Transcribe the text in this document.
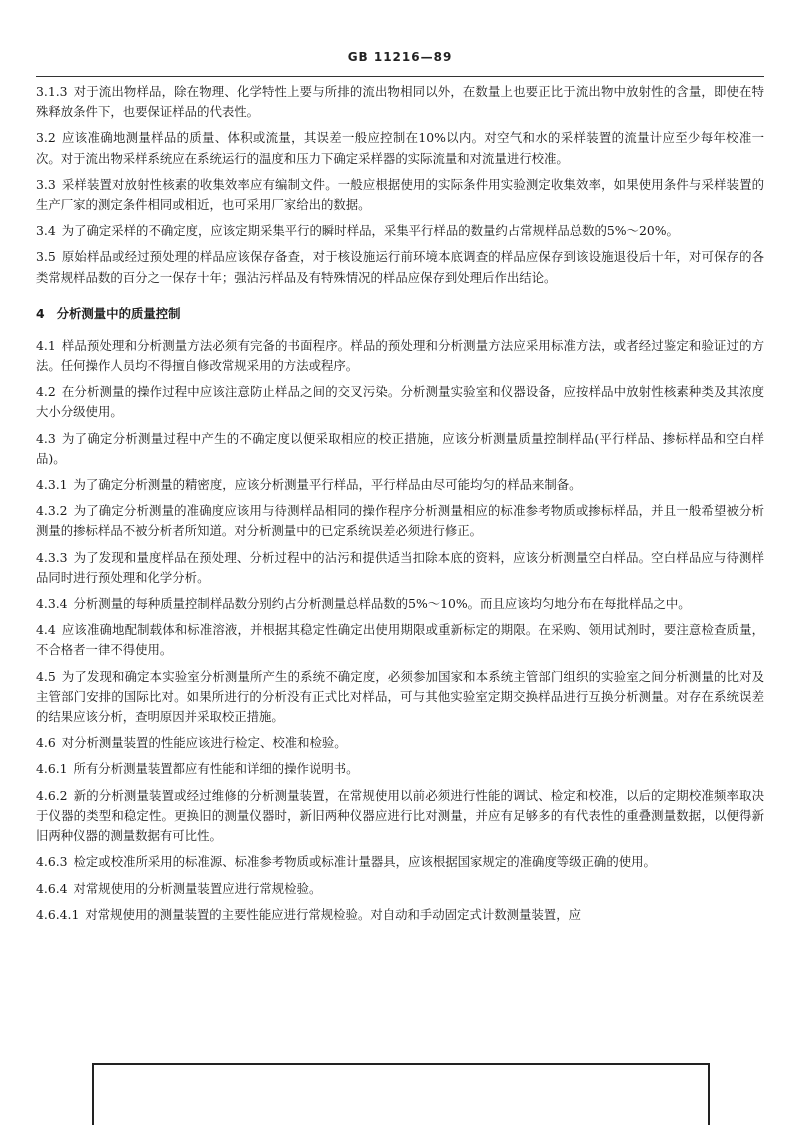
GB 11216—89

3.1.3 对于流出物样品，除在物理、化学特性上要与所排的流出物相同以外，在数量上也要正比于流出物中放射性的含量，即使在特殊释放条件下，也要保证样品的代表性。

3.2 应该准确地测量样品的质量、体积或流量，其误差一般应控制在10%以内。对空气和水的采样装置的流量计应至少每年校准一次。对于流出物采样系统应在系统运行的温度和压力下确定采样器的实际流量和对流量进行校准。

3.3 采样装置对放射性核素的收集效率应有编制文件。一般应根据使用的实际条件用实验测定收集效率，如果使用条件与采样装置的生产厂家的测定条件相同或相近，也可采用厂家给出的数据。

3.4 为了确定采样的不确定度，应该定期采集平行的瞬时样品，采集平行样品的数量约占常规样品总数的5%～20%。

3.5 原始样品或经过预处理的样品应该保存备查，对于核设施运行前环境本底调查的样品应保存到该设施退役后十年，对可保存的各类常规样品数的百分之一保存十年；强沾污样品及有特殊情况的样品应保存到处理后作出结论。

4 分析测量中的质量控制

4.1 样品预处理和分析测量方法必须有完备的书面程序。样品的预处理和分析测量方法应采用标准方法，或者经过鉴定和验证过的方法。任何操作人员均不得擅自修改常规采用的方法或程序。

4.2 在分析测量的操作过程中应该注意防止样品之间的交叉污染。分析测量实验室和仪器设备，应按样品中放射性核素种类及其浓度大小分级使用。

4.3 为了确定分析测量过程中产生的不确定度以便采取相应的校正措施，应该分析测量质量控制样品(平行样品、掺标样品和空白样品)。

4.3.1 为了确定分析测量的精密度，应该分析测量平行样品，平行样品由尽可能均匀的样品来制备。

4.3.2 为了确定分析测量的准确度应该用与待测样品相同的操作程序分析测量相应的标准参考物质或掺标样品，并且一般希望被分析测量的掺标样品不被分析者所知道。对分析测量中的已定系统误差必须进行修正。

4.3.3 为了发现和量度样品在预处理、分析过程中的沾污和提供适当扣除本底的资料，应该分析测量空白样品。空白样品应与待测样品同时进行预处理和化学分析。

4.3.4 分析测量的每种质量控制样品数分别约占分析测量总样品数的5%～10%。而且应该均匀地分布在每批样品之中。

4.4 应该准确地配制载体和标准溶液，并根据其稳定性确定出使用期限或重新标定的期限。在采购、领用试剂时，要注意检查质量，不合格者一律不得使用。

4.5 为了发现和确定本实验室分析测量所产生的系统不确定度，必须参加国家和本系统主管部门组织的实验室之间分析测量的比对及主管部门安排的国际比对。如果所进行的分析没有正式比对样品，可与其他实验室定期交换样品进行互换分析测量。对存在系统误差的结果应该分析，查明原因并采取校正措施。

4.6 对分析测量装置的性能应该进行检定、校准和检验。

4.6.1 所有分析测量装置都应有性能和详细的操作说明书。

4.6.2 新的分析测量装置或经过维修的分析测量装置，在常规使用以前必须进行性能的调试、检定和校准，以后的定期校准频率取决于仪器的类型和稳定性。更换旧的测量仪器时，新旧两种仪器应进行比对测量，并应有足够多的有代表性的重叠测量数据，以便得新旧两种仪器的测量数据有可比性。

4.6.3 检定或校准所采用的标准源、标准参考物质或标准计量器具，应该根据国家规定的准确度等级正确的使用。

4.6.4 对常规使用的分析测量装置应进行常规检验。

4.6.4.1 对常规使用的测量装置的主要性能应进行常规检验。对自动和手动固定式计数测量装置，应
